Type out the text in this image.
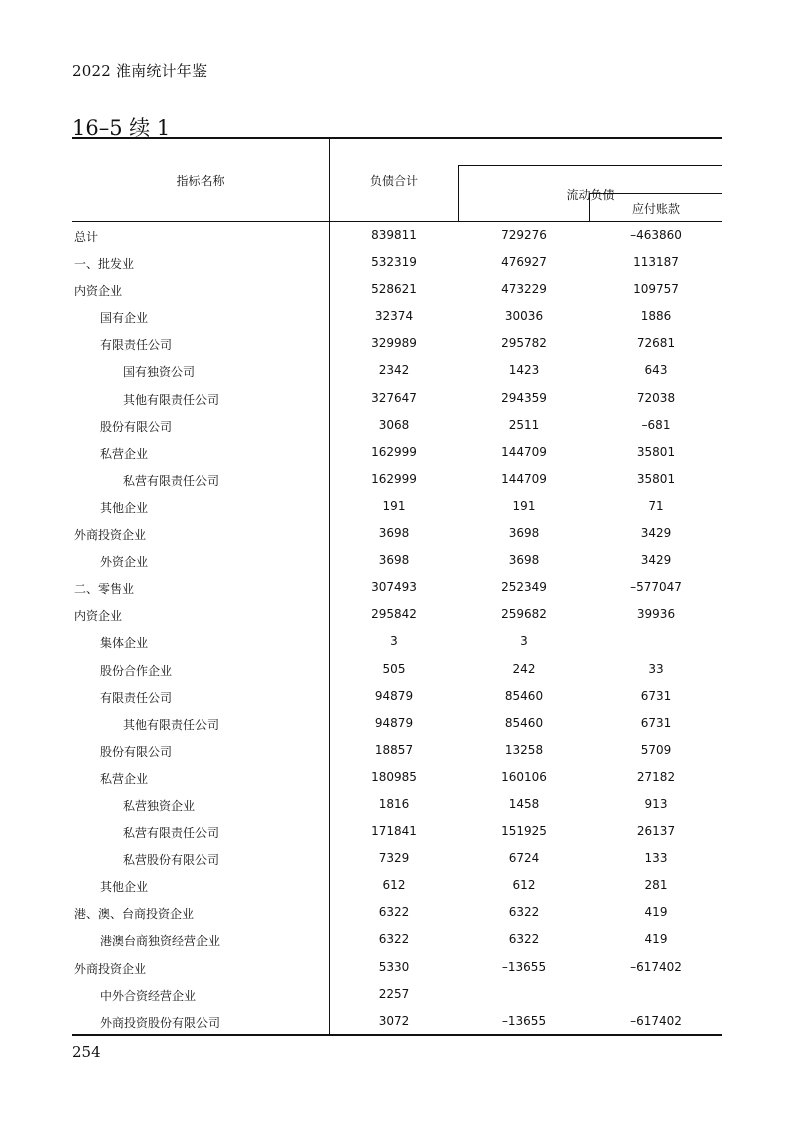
2022 淮南统计年鉴
16–5 续 1
指标名称	负债合计
流动负债
应付账款
总计	839811	729276	–463860
一、批发业	532319	476927	113187
内资企业	528621	473229	109757
国有企业	32374	30036	1886
有限责任公司	329989	295782	72681
国有独资公司	2342	1423	643
其他有限责任公司	327647	294359	72038
股份有限公司	3068	2511	–681
私营企业	162999	144709	35801
私营有限责任公司	162999	144709	35801
其他企业	191	191	71
外商投资企业	3698	3698	3429
外资企业	3698	3698	3429
二、零售业	307493	252349	–577047
内资企业	295842	259682	39936
集体企业	3	3
股份合作企业	505	242	33
有限责任公司	94879	85460	6731
其他有限责任公司	94879	85460	6731
股份有限公司	18857	13258	5709
私营企业	180985	160106	27182
私营独资企业	1816	1458	913
私营有限责任公司	171841	151925	26137
私营股份有限公司	7329	6724	133
其他企业	612	612	281
港、澳、台商投资企业	6322	6322	419
港澳台商独资经营企业	6322	6322	419
外商投资企业	5330	–13655	–617402
中外合资经营企业	2257
外商投资股份有限公司	3072	–13655	–617402
254
